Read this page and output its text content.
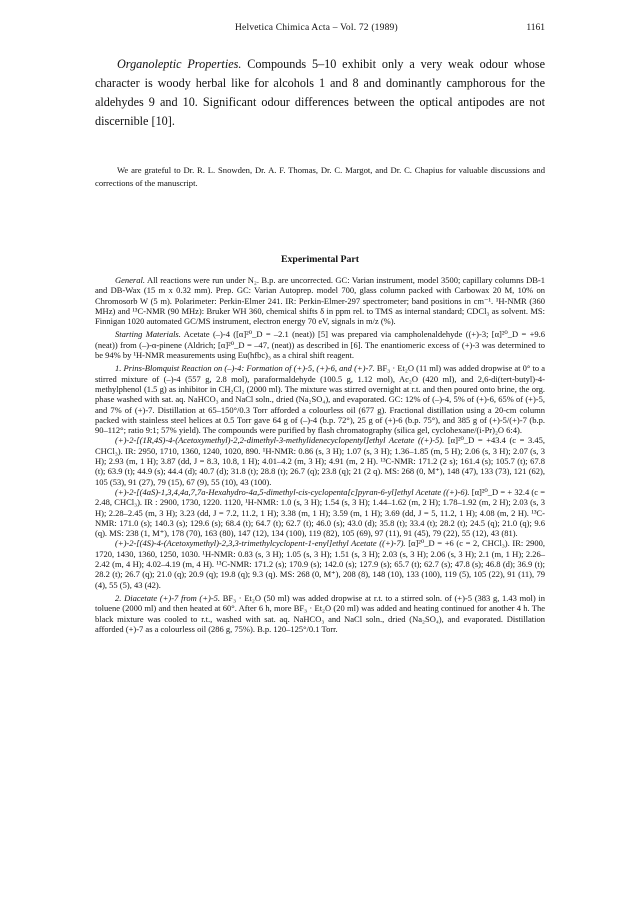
Helvetica Chimica Acta – Vol. 72 (1989)	1161

Organoleptic Properties. Compounds 5–10 exhibit only a very weak odour whose character is woody herbal like for alcohols 1 and 8 and dominantly camphorous for the aldehydes 9 and 10. Significant odour differences between the optical antipodes are not discernible [10].

We are grateful to Dr. R. L. Snowden, Dr. A. F. Thomas, Dr. C. Margot, and Dr. C. Chapius for valuable discussions and corrections of the manuscript.

Experimental Part

General. All reactions were run under N₂. B.p. are uncorrected. GC: Varian instrument, model 3500; capillary columns DB-1 and DB-Wax (15 m x 0.32 mm). Prep. GC: Varian Autoprep. model 700, glass column packed with Carbowax 20 M, 10% on Chromosorb W (5 m). Polarimeter: Perkin-Elmer 241. IR: Perkin-Elmer-297 spectrometer; band positions in cm⁻¹. ¹H-NMR (360 MHz) and ¹³C-NMR (90 MHz): Bruker WH 360, chemical shifts δ in ppm rel. to TMS as internal standard; CDCl₃ as solvent. MS: Finnigan 1020 automated GC/MS instrument, electron energy 70 eV, signals in m/z (%).

Starting Materials. Acetate (–)-4 ([α]²⁰_D = –2.1 (neat)) [5] was prepared via campholenaldehyde ((+)-3; [α]²⁰_D = +9.6 (neat)) from (–)-α-pinene (Aldrich; [α]²⁰_D = –47, (neat)) as described in [6]. The enantiomeric excess of (+)-3 was determined to be 94% by ¹H-NMR measurements using Eu(hfbc)₃ as a chiral shift reagent.

1. Prins-Blomquist Reaction on (–)-4: Formation of (+)-5, (+)-6, and (+)-7. BF₃ · Et₂O (11 ml) was added dropwise at 0° to a stirred mixture of (–)-4 (557 g, 2.8 mol), paraformaldehyde (100.5 g, 1.12 mol), Ac₂O (420 ml), and 2,6-di(tert-butyl)-4-methylphenol (1.5 g) as inhibitor in CH₂Cl₂ (2000 ml). The mixture was stirred overnight at r.t. and then poured onto brine, the org. phase washed with sat. aq. NaHCO₃ and NaCl soln., dried (Na₂SO₄), and evaporated. GC: 12% of (–)-4, 5% of (+)-6, 65% of (+)-5, and 7% of (+)-7. Distillation at 65–150°/0.3 Torr afforded a colourless oil (677 g). Fractional distillation using a 20-cm column packed with stainless steel helices at 0.5 Torr gave 64 g of (–)-4 (b.p. 72°), 25 g of (+)-6 (b.p. 75°), and 385 g of (+)-5/(+)-7 (b.p. 90–112°; ratio 9:1; 57% yield). The compounds were purified by flash chromatography (silica gel, cyclohexane/(i-Pr)₂O 6:4).

(+)-2-[(1R,4S)-4-(Acetoxymethyl)-2,2-dimethyl-3-methylidenecyclopentyl]ethyl Acetate ((+)-5). [α]²⁰_D = +43.4 (c = 3.45, CHCl₃). IR: 2950, 1710, 1360, 1240, 1020, 890. ¹H-NMR: 0.86 (s, 3 H); 1.07 (s, 3 H); 1.36–1.85 (m, 5 H); 2.06 (s, 3 H); 2.07 (s, 3 H); 2.93 (m, 1 H); 3.87 (dd, J = 8.3, 10.8, 1 H); 4.01–4.2 (m, 3 H); 4.91 (m, 2 H). ¹³C-NMR: 171.2 (2 s); 161.4 (s); 105.7 (t); 67.8 (t); 63.9 (t); 44.9 (s); 44.4 (d); 40.7 (d); 31.8 (t); 28.8 (t); 26.7 (q); 23.8 (q); 21 (2 q). MS: 268 (0, M⁺), 148 (47), 133 (73), 121 (62), 105 (53), 91 (27), 79 (15), 67 (9), 55 (10), 43 (100).

(+)-2-[(4aS)-1,3,4,4a,7,7a-Hexahydro-4a,5-dimethyl-cis-cyclopenta[c]pyran-6-yl]ethyl Acetate ((+)-6). [α]²⁰_D = + 32.4 (c = 2.48, CHCl₃). IR : 2900, 1730, 1220. 1120, ¹H-NMR: 1.0 (s, 3 H); 1.54 (s, 3 H); 1.44–1.62 (m, 2 H); 1.78–1.92 (m, 2 H); 2.03 (s, 3 H); 2.28–2.45 (m, 3 H); 3.23 (dd, J = 7.2, 11.2, 1 H); 3.38 (m, 1 H); 3.59 (m, 1 H); 3.69 (dd, J = 5, 11.2, 1 H); 4.08 (m, 2 H). ¹³C-NMR: 171.0 (s); 140.3 (s); 129.6 (s); 68.4 (t); 64.7 (t); 62.7 (t); 46.0 (s); 43.0 (d); 35.8 (t); 33.4 (t); 28.2 (t); 24.5 (q); 21.0 (q); 9.6 (q). MS: 238 (1, M⁺), 178 (70), 163 (80), 147 (12), 134 (100), 119 (82), 105 (69), 97 (11), 91 (45), 79 (22), 55 (12), 43 (81).

(+)-2-[(4S)-4-(Acetoxymethyl)-2,3,3-trimethylcyclopent-1-enyl]ethyl Acetate ((+)-7). [α]²⁰_D = +6 (c = 2, CHCl₃). IR: 2900, 1720, 1430, 1360, 1250, 1030. ¹H-NMR: 0.83 (s, 3 H); 1.05 (s, 3 H); 1.51 (s, 3 H); 2.03 (s, 3 H); 2.06 (s, 3 H); 2.1 (m, 1 H); 2.26–2.42 (m, 4 H); 4.02–4.19 (m, 4 H). ¹³C-NMR: 171.2 (s); 170.9 (s); 142.0 (s); 127.9 (s); 65.7 (t); 62.7 (s); 47.8 (s); 46.8 (d); 36.9 (t); 28.2 (t); 26.7 (q); 21.0 (q); 20.9 (q); 19.8 (q); 9.3 (q). MS: 268 (0, M⁺), 208 (8), 148 (10), 133 (100), 119 (5), 105 (22), 91 (11), 79 (4), 55 (5), 43 (42).

2. Diacetate (+)-7 from (+)-5. BF₃ · Et₂O (50 ml) was added dropwise at r.t. to a stirred soln. of (+)-5 (383 g, 1.43 mol) in toluene (2000 ml) and then heated at 60°. After 6 h, more BF₃ · Et₂O (20 ml) was added and heating continued for another 4 h. The black mixture was cooled to r.t., washed with sat. aq. NaHCO₃ and NaCl soln., dried (Na₂SO₄), and evaporated. Distillation afforded (+)-7 as a colourless oil (286 g, 75%). B.p. 120–125°/0.1 Torr.
